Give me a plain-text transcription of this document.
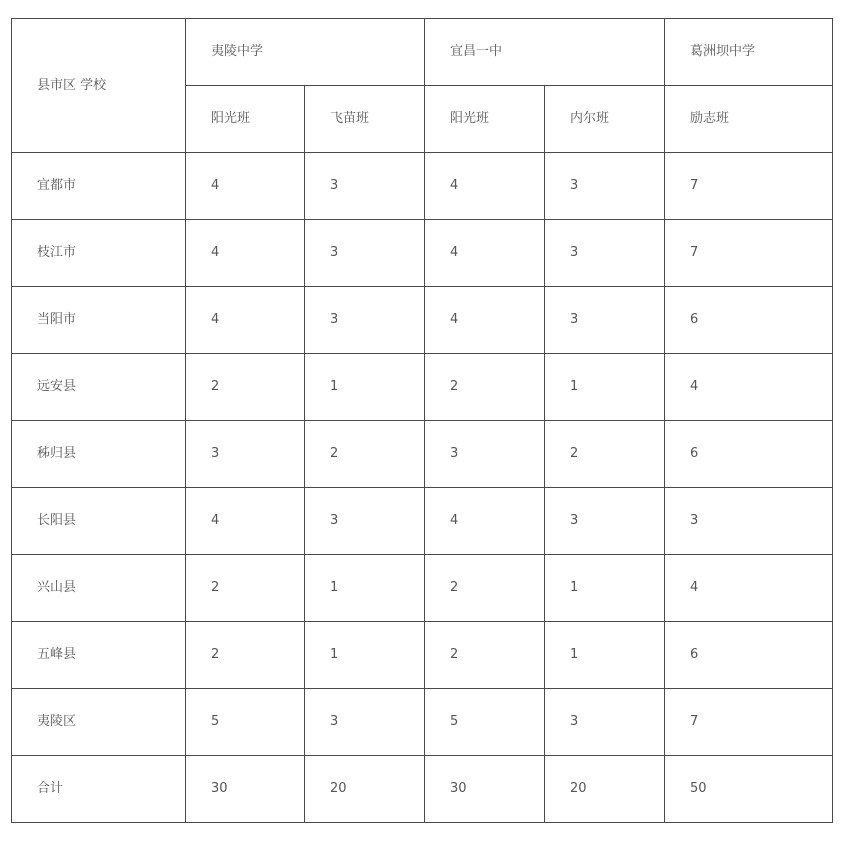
县市区 学校	夷陵中学		宜昌一中		葛洲坝中学
	阳光班	飞苗班	阳光班	内尔班	励志班
宜都市	4	3	4	3	7
枝江市	4	3	4	3	7
当阳市	4	3	4	3	6
远安县	2	1	2	1	4
秭归县	3	2	3	2	6
长阳县	4	3	4	3	3
兴山县	2	1	2	1	4
五峰县	2	1	2	1	6
夷陵区	5	3	5	3	7
合计	30	20	30	20	50
